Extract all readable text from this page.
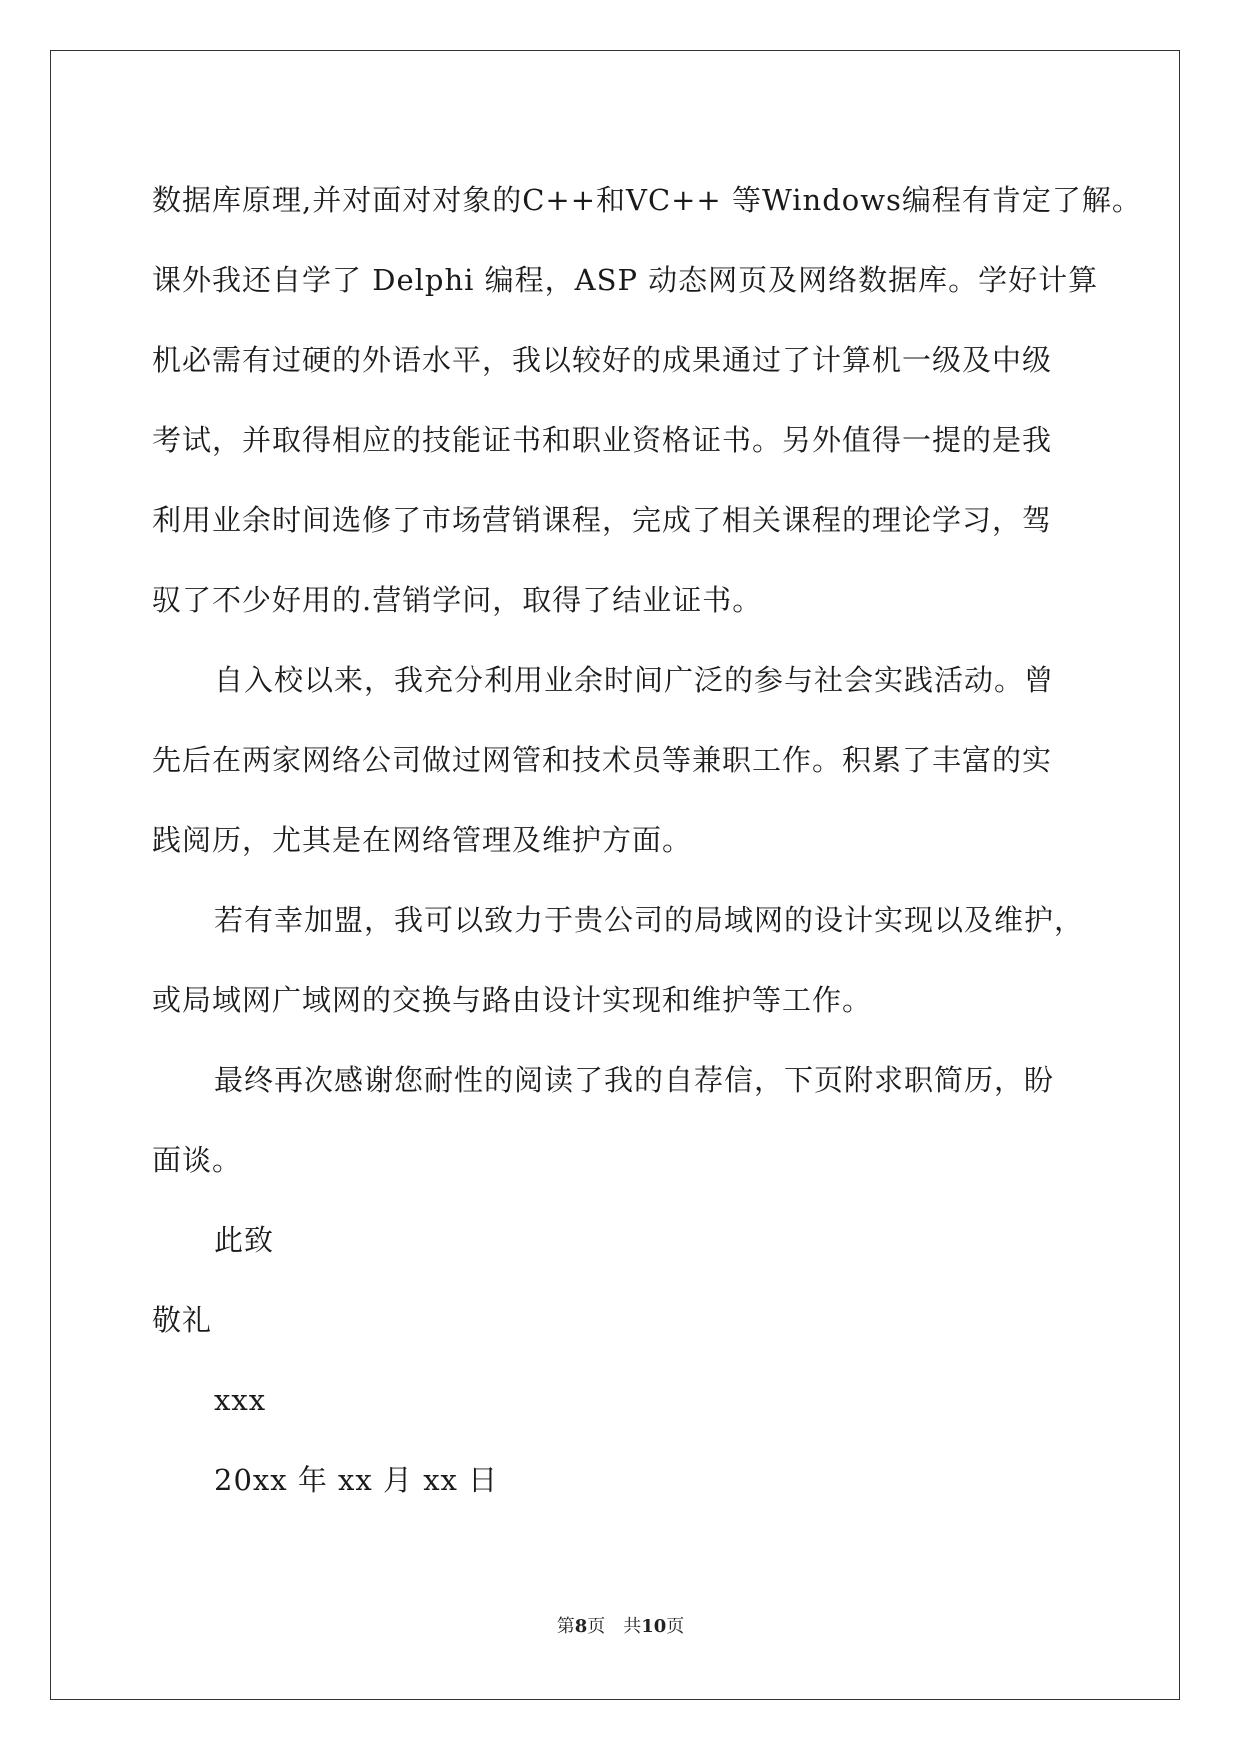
数据库原理,并对面对对象的C++和VC++ 等Windows编程有肯定了解。
课外我还自学了 Delphi 编程，ASP 动态网页及网络数据库。学好计算
机必需有过硬的外语水平，我以较好的成果通过了计算机一级及中级
考试，并取得相应的技能证书和职业资格证书。另外值得一提的是我
利用业余时间选修了市场营销课程，完成了相关课程的理论学习，驾
驭了不少好用的.营销学问，取得了结业证书。
自入校以来，我充分利用业余时间广泛的参与社会实践活动。曾
先后在两家网络公司做过网管和技术员等兼职工作。积累了丰富的实
践阅历，尤其是在网络管理及维护方面。
若有幸加盟，我可以致力于贵公司的局域网的设计实现以及维护，
或局域网广域网的交换与路由设计实现和维护等工作。
最终再次感谢您耐性的阅读了我的自荐信，下页附求职简历，盼
面谈。
此致
敬礼
xxx
20xx 年 xx 月 xx 日
第8页 共10页
